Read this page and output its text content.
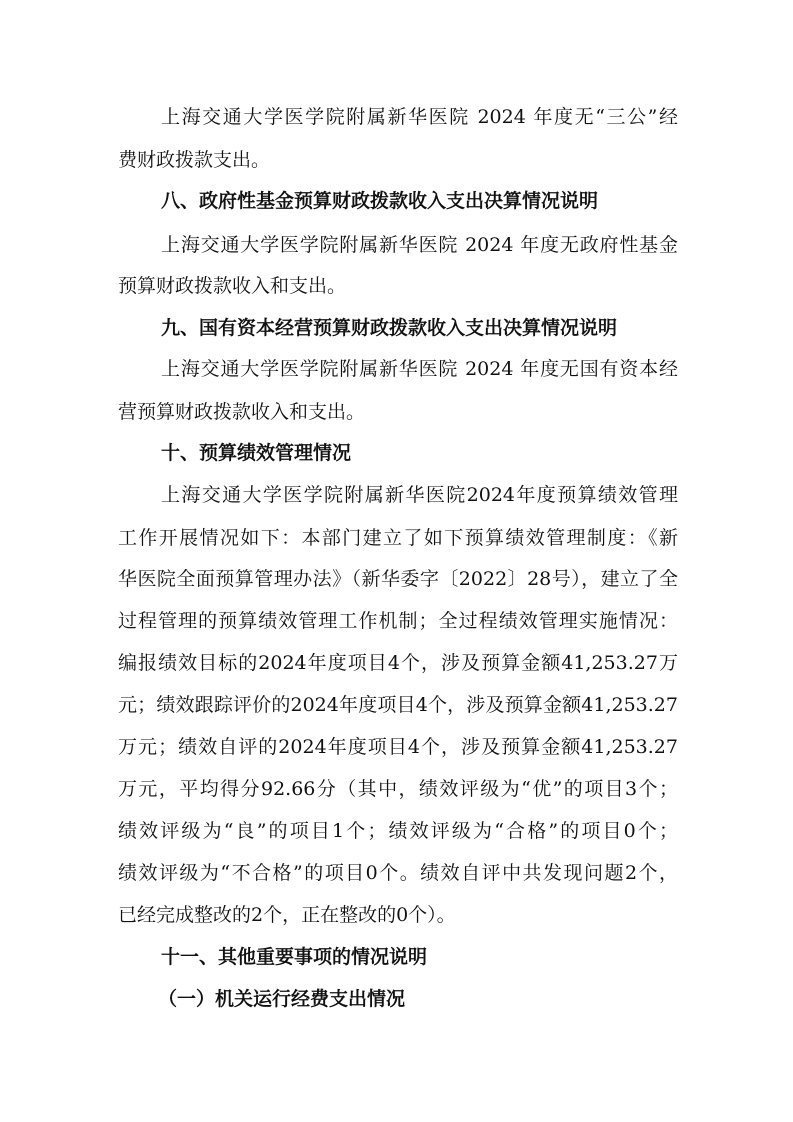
上海交通大学医学院附属新华医院 2024 年度无“三公”经
费财政拨款支出。
八、政府性基金预算财政拨款收入支出决算情况说明
上海交通大学医学院附属新华医院 2024 年度无政府性基金
预算财政拨款收入和支出。
九、国有资本经营预算财政拨款收入支出决算情况说明
上海交通大学医学院附属新华医院 2024 年度无国有资本经
营预算财政拨款收入和支出。
十、预算绩效管理情况
上海交通大学医学院附属新华医院2024年度预算绩效管理
工作开展情况如下：本部门建立了如下预算绩效管理制度：《新
华医院全面预算管理办法》（新华委字〔2022〕28号），建立了全
过程管理的预算绩效管理工作机制；全过程绩效管理实施情况：
编报绩效目标的2024年度项目4个，涉及预算金额41,253.27万
元；绩效跟踪评价的2024年度项目4个，涉及预算金额41,253.27
万元；绩效自评的2024年度项目4个，涉及预算金额41,253.27
万元，平均得分92.66分（其中，绩效评级为“优”的项目3个；
绩效评级为“良”的项目1个；绩效评级为“合格”的项目0个；
绩效评级为“不合格”的项目0个。绩效自评中共发现问题2个，
已经完成整改的2个，正在整改的0个）。
十一、其他重要事项的情况说明
（一）机关运行经费支出情况
